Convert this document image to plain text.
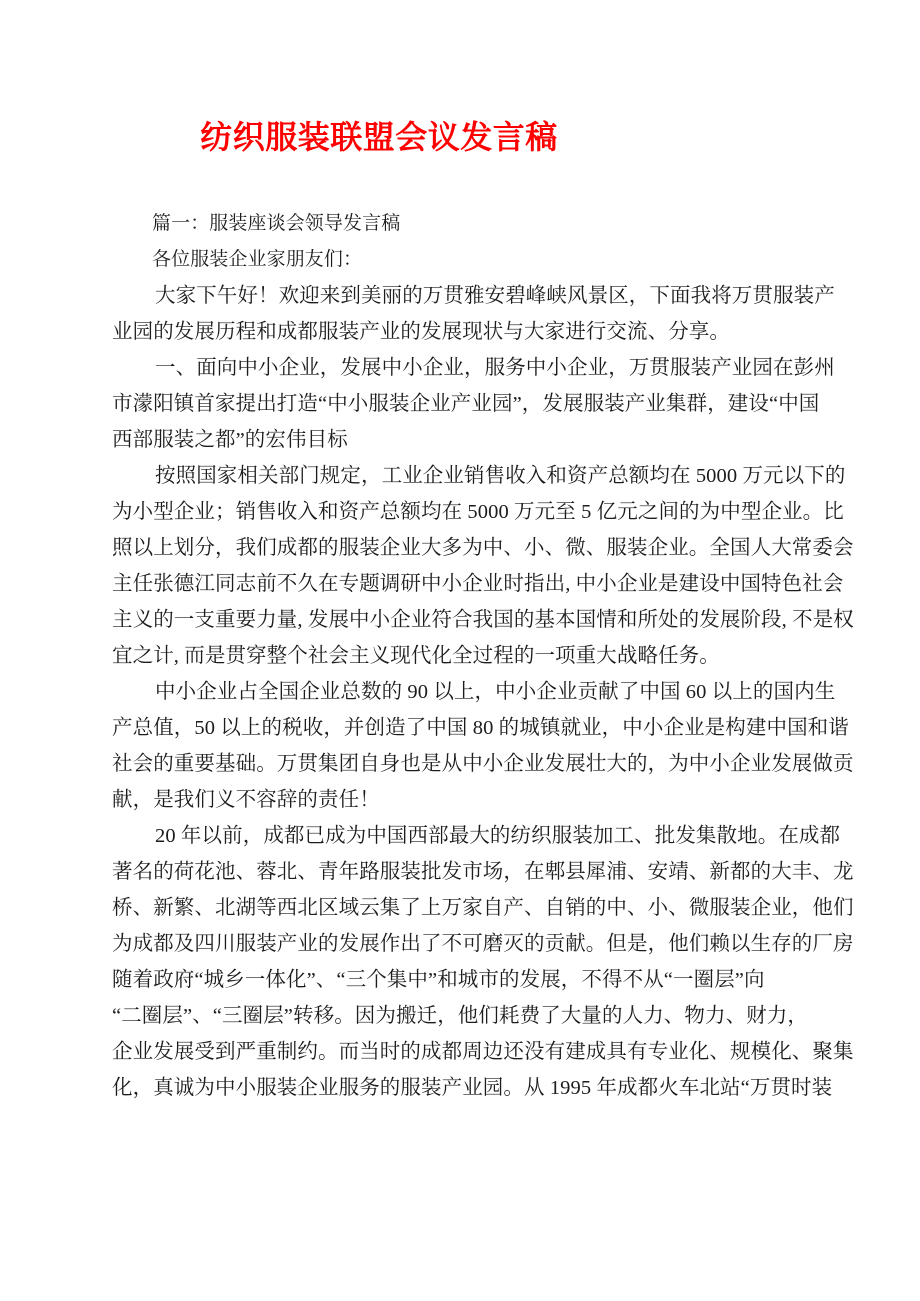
纺织服装联盟会议发言稿
篇一：服装座谈会领导发言稿
各位服装企业家朋友们：
大家下午好！欢迎来到美丽的万贯雅安碧峰峡风景区，下面我将万贯服装产
业园的发展历程和成都服装产业的发展现状与大家进行交流、分享。
一、面向中小企业，发展中小企业，服务中小企业，万贯服装产业园在彭州
市濛阳镇首家提出打造“中小服装企业产业园”，发展服装产业集群，建设“中国
西部服装之都”的宏伟目标
按照国家相关部门规定，工业企业销售收入和资产总额均在 5000 万元以下的
为小型企业；销售收入和资产总额均在 5000 万元至 5 亿元之间的为中型企业。比
照以上划分，我们成都的服装企业大多为中、小、微、服装企业。全国人大常委会
主任张德江同志前不久在专题调研中小企业时指出, 中小企业是建设中国特色社会
主义的一支重要力量, 发展中小企业符合我国的基本国情和所处的发展阶段, 不是权
宜之计, 而是贯穿整个社会主义现代化全过程的一项重大战略任务。
中小企业占全国企业总数的 90 以上，中小企业贡献了中国 60 以上的国内生
产总值，50 以上的税收，并创造了中国 80 的城镇就业，中小企业是构建中国和谐
社会的重要基础。万贯集团自身也是从中小企业发展壮大的，为中小企业发展做贡
献，是我们义不容辞的责任！
20 年以前，成都已成为中国西部最大的纺织服装加工、批发集散地。在成都
著名的荷花池、蓉北、青年路服装批发市场，在郫县犀浦、安靖、新都的大丰、龙
桥、新繁、北湖等西北区域云集了上万家自产、自销的中、小、微服装企业，他们
为成都及四川服装产业的发展作出了不可磨灭的贡献。但是，他们赖以生存的厂房
随着政府“城乡一体化”、“三个集中”和城市的发展，不得不从“一圈层”向
“二圈层”、“三圈层”转移。因为搬迁，他们耗费了大量的人力、物力、财力，
企业发展受到严重制约。而当时的成都周边还没有建成具有专业化、规模化、聚集
化，真诚为中小服装企业服务的服装产业园。从 1995 年成都火车北站“万贯时装
